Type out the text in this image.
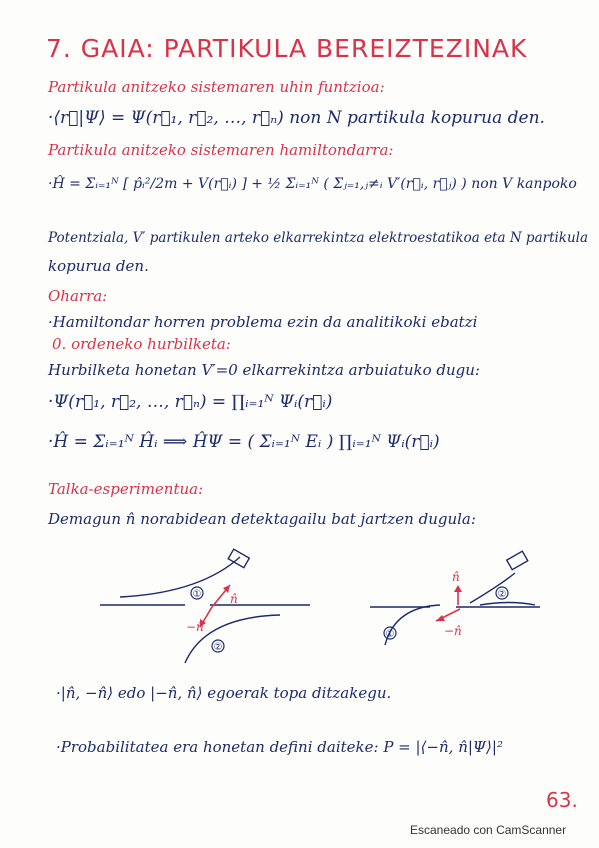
7. GAIA: PARTIKULA BEREIZTEZINAK
Partikula anitzeko sistemaren uhin funtzioa:
·⟨r⃗|Ψ⟩ = Ψ(r⃗₁, r⃗₂, …, r⃗ₙ) non N partikula kopurua den.
Partikula anitzeko sistemaren hamiltondarra:
·Ĥ = Σᵢ₌₁ᴺ [ p̂ᵢ²/2m + V(r⃗ᵢ) ] + ½ Σᵢ₌₁ᴺ ( Σⱼ₌₁,ⱼ≠ᵢ V′(r⃗ᵢ, r⃗ⱼ) ) non V kanpoko
Potentziala, V′ partikulen arteko elkarrekintza elektroestatikoa eta N partikula
kopurua den.
Oharra:
·Hamiltondar horren problema ezin da analitikoki ebatzi
0. ordeneko hurbilketa:
Hurbilketa honetan V′=0 elkarrekintza arbuiatuko dugu:
·Ψ(r⃗₁, r⃗₂, …, r⃗ₙ) = ∏ᵢ₌₁ᴺ Ψᵢ(r⃗ᵢ)
·Ĥ = Σᵢ₌₁ᴺ Ĥᵢ ⟹ ĤΨ = ( Σᵢ₌₁ᴺ Eᵢ ) ∏ᵢ₌₁ᴺ Ψᵢ(r⃗ᵢ)
Talka-esperimentua:
Demagun n̂ norabidean detektagailu bat jartzen dugula:
①
②
n̂
−n̂
①
②
n̂
−n̂
·|n̂, −n̂⟩ edo |−n̂, n̂⟩ egoerak topa ditzakegu.
·Probabilitatea era honetan defini daiteke: P = |⟨−n̂, n̂|Ψ⟩|²
63.
Escaneado con CamScanner
